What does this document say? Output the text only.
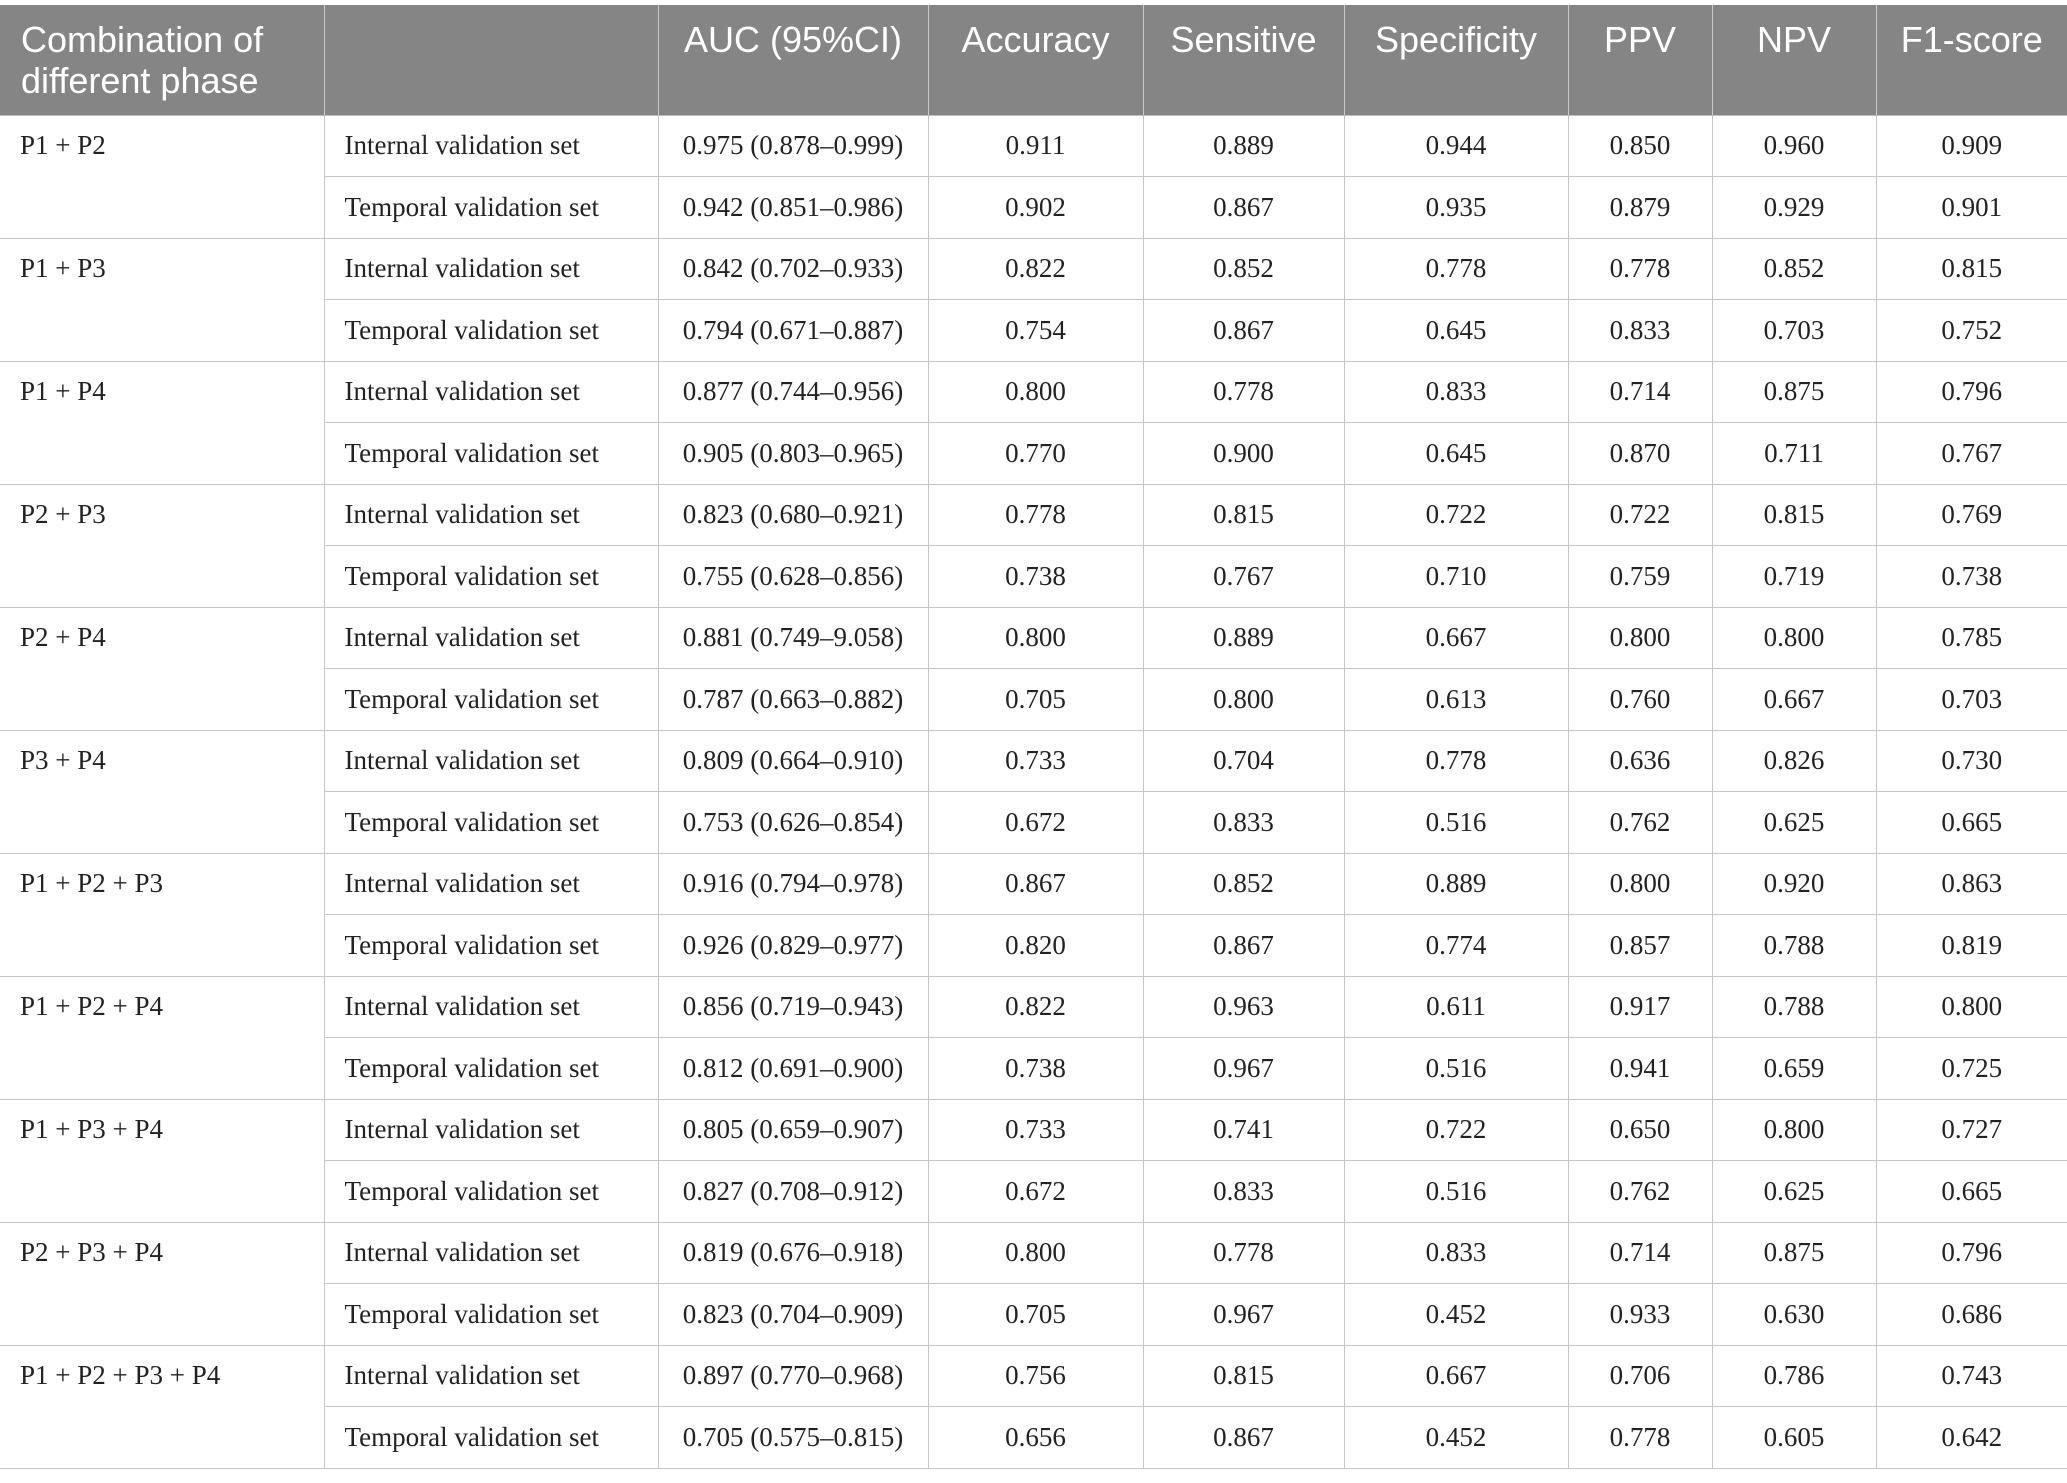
Combination of different phase		AUC (95%CI)	Accuracy	Sensitive	Specificity	PPV	NPV	F1-score
P1 + P2	Internal validation set	0.975 (0.878–0.999)	0.911	0.889	0.944	0.850	0.960	0.909
	Temporal validation set	0.942 (0.851–0.986)	0.902	0.867	0.935	0.879	0.929	0.901
P1 + P3	Internal validation set	0.842 (0.702–0.933)	0.822	0.852	0.778	0.778	0.852	0.815
	Temporal validation set	0.794 (0.671–0.887)	0.754	0.867	0.645	0.833	0.703	0.752
P1 + P4	Internal validation set	0.877 (0.744–0.956)	0.800	0.778	0.833	0.714	0.875	0.796
	Temporal validation set	0.905 (0.803–0.965)	0.770	0.900	0.645	0.870	0.711	0.767
P2 + P3	Internal validation set	0.823 (0.680–0.921)	0.778	0.815	0.722	0.722	0.815	0.769
	Temporal validation set	0.755 (0.628–0.856)	0.738	0.767	0.710	0.759	0.719	0.738
P2 + P4	Internal validation set	0.881 (0.749–9.058)	0.800	0.889	0.667	0.800	0.800	0.785
	Temporal validation set	0.787 (0.663–0.882)	0.705	0.800	0.613	0.760	0.667	0.703
P3 + P4	Internal validation set	0.809 (0.664–0.910)	0.733	0.704	0.778	0.636	0.826	0.730
	Temporal validation set	0.753 (0.626–0.854)	0.672	0.833	0.516	0.762	0.625	0.665
P1 + P2 + P3	Internal validation set	0.916 (0.794–0.978)	0.867	0.852	0.889	0.800	0.920	0.863
	Temporal validation set	0.926 (0.829–0.977)	0.820	0.867	0.774	0.857	0.788	0.819
P1 + P2 + P4	Internal validation set	0.856 (0.719–0.943)	0.822	0.963	0.611	0.917	0.788	0.800
	Temporal validation set	0.812 (0.691–0.900)	0.738	0.967	0.516	0.941	0.659	0.725
P1 + P3 + P4	Internal validation set	0.805 (0.659–0.907)	0.733	0.741	0.722	0.650	0.800	0.727
	Temporal validation set	0.827 (0.708–0.912)	0.672	0.833	0.516	0.762	0.625	0.665
P2 + P3 + P4	Internal validation set	0.819 (0.676–0.918)	0.800	0.778	0.833	0.714	0.875	0.796
	Temporal validation set	0.823 (0.704–0.909)	0.705	0.967	0.452	0.933	0.630	0.686
P1 + P2 + P3 + P4	Internal validation set	0.897 (0.770–0.968)	0.756	0.815	0.667	0.706	0.786	0.743
	Temporal validation set	0.705 (0.575–0.815)	0.656	0.867	0.452	0.778	0.605	0.642
